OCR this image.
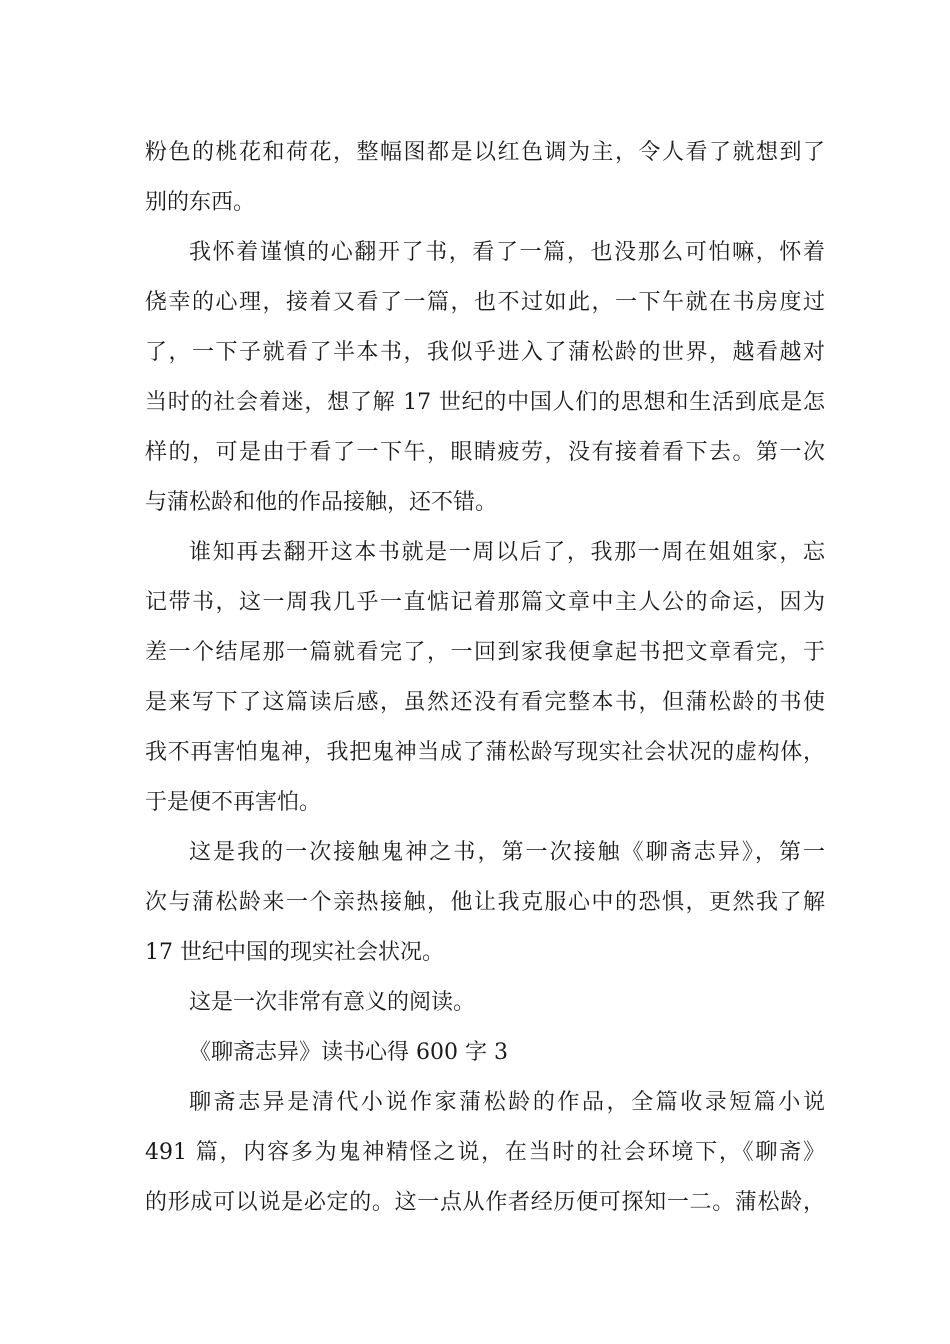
粉色的桃花和荷花，整幅图都是以红色调为主，令人看了就想到了
别的东西。
我怀着谨慎的心翻开了书，看了一篇，也没那么可怕嘛，怀着
侥幸的心理，接着又看了一篇，也不过如此，一下午就在书房度过
了，一下子就看了半本书，我似乎进入了蒲松龄的世界，越看越对
当时的社会着迷，想了解 17 世纪的中国人们的思想和生活到底是怎
样的，可是由于看了一下午，眼睛疲劳，没有接着看下去。第一次
与蒲松龄和他的作品接触，还不错。
谁知再去翻开这本书就是一周以后了，我那一周在姐姐家，忘
记带书，这一周我几乎一直惦记着那篇文章中主人公的命运，因为
差一个结尾那一篇就看完了，一回到家我便拿起书把文章看完，于
是来写下了这篇读后感，虽然还没有看完整本书，但蒲松龄的书使
我不再害怕鬼神，我把鬼神当成了蒲松龄写现实社会状况的虚构体，
于是便不再害怕。
这是我的一次接触鬼神之书，第一次接触《聊斋志异》，第一
次与蒲松龄来一个亲热接触，他让我克服心中的恐惧，更然我了解
17 世纪中国的现实社会状况。
这是一次非常有意义的阅读。
《聊斋志异》读书心得 600 字 3
聊斋志异是清代小说作家蒲松龄的作品，全篇收录短篇小说
491 篇，内容多为鬼神精怪之说，在当时的社会环境下，《聊斋》
的形成可以说是必定的。这一点从作者经历便可探知一二。蒲松龄，
